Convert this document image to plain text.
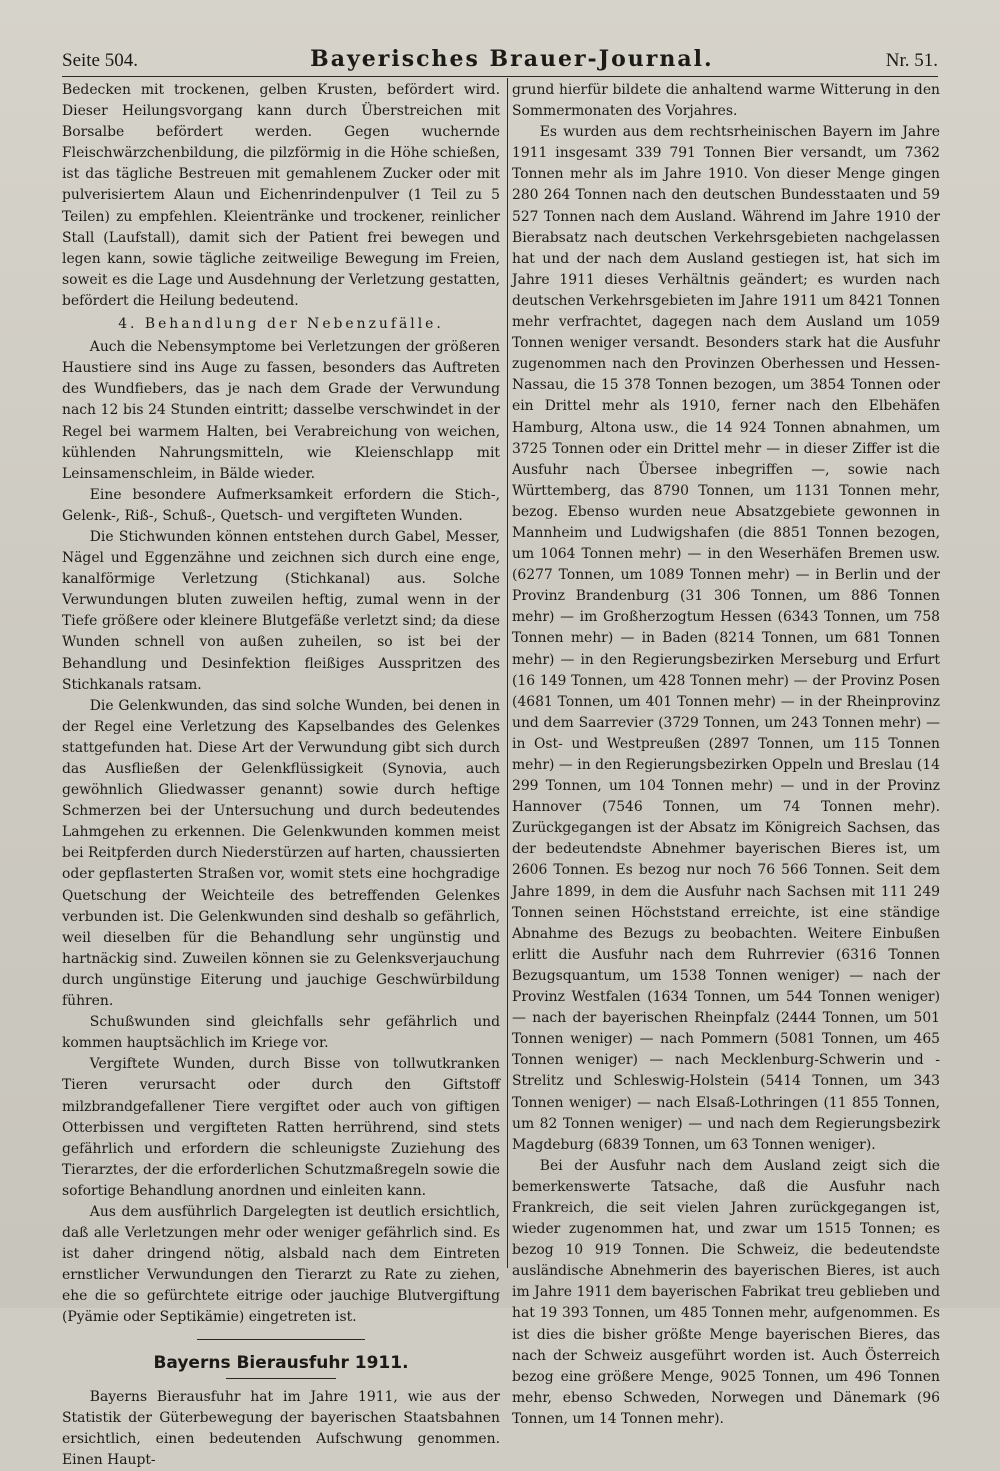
Seite 504.	Bayerisches Brauer-Journal.	Nr. 51.

Bedecken mit trockenen, gelben Krusten, befördert wird. Dieser Heilungsvorgang kann durch Überstreichen mit Borsalbe befördert werden. Gegen wuchernde Fleischwärzchenbildung, die pilzförmig in die Höhe schießen, ist das tägliche Bestreuen mit gemahlenem Zucker oder mit pulverisiertem Alaun und Eichenrindenpulver (1 Teil zu 5 Teilen) zu empfehlen. Kleientränke und trockener, reinlicher Stall (Laufstall), damit sich der Patient frei bewegen und legen kann, sowie tägliche zeitweilige Bewegung im Freien, soweit es die Lage und Ausdehnung der Verletzung gestatten, befördert die Heilung bedeutend.

4. Behandlung der Nebenzufälle.

Auch die Nebensymptome bei Verletzungen der größeren Haustiere sind ins Auge zu fassen, besonders das Auftreten des Wundfiebers, das je nach dem Grade der Verwundung nach 12 bis 24 Stunden eintritt; dasselbe verschwindet in der Regel bei warmem Halten, bei Verabreichung von weichen, kühlenden Nahrungsmitteln, wie Kleienschlapp mit Leinsamenschleim, in Bälde wieder.

Eine besondere Aufmerksamkeit erfordern die Stich-, Gelenk-, Riß-, Schuß-, Quetsch- und vergifteten Wunden.

Die Stichwunden können entstehen durch Gabel, Messer, Nägel und Eggenzähne und zeichnen sich durch eine enge, kanalförmige Verletzung (Stichkanal) aus. Solche Verwundungen bluten zuweilen heftig, zumal wenn in der Tiefe größere oder kleinere Blutgefäße verletzt sind; da diese Wunden schnell von außen zuheilen, so ist bei der Behandlung und Desinfektion fleißiges Ausspritzen des Stichkanals ratsam.

Die Gelenkwunden, das sind solche Wunden, bei denen in der Regel eine Verletzung des Kapselbandes des Gelenkes stattgefunden hat. Diese Art der Verwundung gibt sich durch das Ausfließen der Gelenkflüssigkeit (Synovia, auch gewöhnlich Gliedwasser genannt) sowie durch heftige Schmerzen bei der Untersuchung und durch bedeutendes Lahmgehen zu erkennen. Die Gelenkwunden kommen meist bei Reitpferden durch Niederstürzen auf harten, chaussierten oder gepflasterten Straßen vor, womit stets eine hochgradige Quetschung der Weichteile des betreffenden Gelenkes verbunden ist. Die Gelenkwunden sind deshalb so gefährlich, weil dieselben für die Behandlung sehr ungünstig und hartnäckig sind. Zuweilen können sie zu Gelenksverjauchung durch ungünstige Eiterung und jauchige Geschwürbildung führen.

Schußwunden sind gleichfalls sehr gefährlich und kommen hauptsächlich im Kriege vor.

Vergiftete Wunden, durch Bisse von tollwutkranken Tieren verursacht oder durch den Giftstoff milzbrandgefallener Tiere vergiftet oder auch von giftigen Otterbissen und vergifteten Ratten herrührend, sind stets gefährlich und erfordern die schleunigste Zuziehung des Tierarztes, der die erforderlichen Schutzmaßregeln sowie die sofortige Behandlung anordnen und einleiten kann.

Aus dem ausführlich Dargelegten ist deutlich ersichtlich, daß alle Verletzungen mehr oder weniger gefährlich sind. Es ist daher dringend nötig, alsbald nach dem Eintreten ernstlicher Verwundungen den Tierarzt zu Rate zu ziehen, ehe die so gefürchtete eitrige oder jauchige Blutvergiftung (Pyämie oder Septikämie) eingetreten ist.

Bayerns Bierausfuhr 1911.

Bayerns Bierausfuhr hat im Jahre 1911, wie aus der Statistik der Güterbewegung der bayerischen Staatsbahnen ersichtlich, einen bedeutenden Aufschwung genommen. Einen Haupt-

grund hierfür bildete die anhaltend warme Witterung in den Sommermonaten des Vorjahres.

Es wurden aus dem rechtsrheinischen Bayern im Jahre 1911 insgesamt 339 791 Tonnen Bier versandt, um 7362 Tonnen mehr als im Jahre 1910. Von dieser Menge gingen 280 264 Tonnen nach den deutschen Bundesstaaten und 59 527 Tonnen nach dem Ausland. Während im Jahre 1910 der Bierabsatz nach deutschen Verkehrsgebieten nachgelassen hat und der nach dem Ausland gestiegen ist, hat sich im Jahre 1911 dieses Verhältnis geändert; es wurden nach deutschen Verkehrsgebieten im Jahre 1911 um 8421 Tonnen mehr verfrachtet, dagegen nach dem Ausland um 1059 Tonnen weniger versandt. Besonders stark hat die Ausfuhr zugenommen nach den Provinzen Oberhessen und Hessen-Nassau, die 15 378 Tonnen bezogen, um 3854 Tonnen oder ein Drittel mehr als 1910, ferner nach den Elbehäfen Hamburg, Altona usw., die 14 924 Tonnen abnahmen, um 3725 Tonnen oder ein Drittel mehr — in dieser Ziffer ist die Ausfuhr nach Übersee inbegriffen —, sowie nach Württemberg, das 8790 Tonnen, um 1131 Tonnen mehr, bezog. Ebenso wurden neue Absatzgebiete gewonnen in Mannheim und Ludwigshafen (die 8851 Tonnen bezogen, um 1064 Tonnen mehr) — in den Weserhäfen Bremen usw. (6277 Tonnen, um 1089 Tonnen mehr) — in Berlin und der Provinz Brandenburg (31 306 Tonnen, um 886 Tonnen mehr) — im Großherzogtum Hessen (6343 Tonnen, um 758 Tonnen mehr) — in Baden (8214 Tonnen, um 681 Tonnen mehr) — in den Regierungsbezirken Merseburg und Erfurt (16 149 Tonnen, um 428 Tonnen mehr) — der Provinz Posen (4681 Tonnen, um 401 Tonnen mehr) — in der Rheinprovinz und dem Saarrevier (3729 Tonnen, um 243 Tonnen mehr) — in Ost- und Westpreußen (2897 Tonnen, um 115 Tonnen mehr) — in den Regierungsbezirken Oppeln und Breslau (14 299 Tonnen, um 104 Tonnen mehr) — und in der Provinz Hannover (7546 Tonnen, um 74 Tonnen mehr). Zurückgegangen ist der Absatz im Königreich Sachsen, das der bedeutendste Abnehmer bayerischen Bieres ist, um 2606 Tonnen. Es bezog nur noch 76 566 Tonnen. Seit dem Jahre 1899, in dem die Ausfuhr nach Sachsen mit 111 249 Tonnen seinen Höchststand erreichte, ist eine ständige Abnahme des Bezugs zu beobachten. Weitere Einbußen erlitt die Ausfuhr nach dem Ruhrrevier (6316 Tonnen Bezugsquantum, um 1538 Tonnen weniger) — nach der Provinz Westfalen (1634 Tonnen, um 544 Tonnen weniger) — nach der bayerischen Rheinpfalz (2444 Tonnen, um 501 Tonnen weniger) — nach Pommern (5081 Tonnen, um 465 Tonnen weniger) — nach Mecklenburg-Schwerin und -Strelitz und Schleswig-Holstein (5414 Tonnen, um 343 Tonnen weniger) — nach Elsaß-Lothringen (11 855 Tonnen, um 82 Tonnen weniger) — und nach dem Regierungsbezirk Magdeburg (6839 Tonnen, um 63 Tonnen weniger).

Bei der Ausfuhr nach dem Ausland zeigt sich die bemerkenswerte Tatsache, daß die Ausfuhr nach Frankreich, die seit vielen Jahren zurückgegangen ist, wieder zugenommen hat, und zwar um 1515 Tonnen; es bezog 10 919 Tonnen. Die Schweiz, die bedeutendste ausländische Abnehmerin des bayerischen Bieres, ist auch im Jahre 1911 dem bayerischen Fabrikat treu geblieben und hat 19 393 Tonnen, um 485 Tonnen mehr, aufgenommen. Es ist dies die bisher größte Menge bayerischen Bieres, das nach der Schweiz ausgeführt worden ist. Auch Österreich bezog eine größere Menge, 9025 Tonnen, um 496 Tonnen mehr, ebenso Schweden, Norwegen und Dänemark (96 Tonnen, um 14 Tonnen mehr).
